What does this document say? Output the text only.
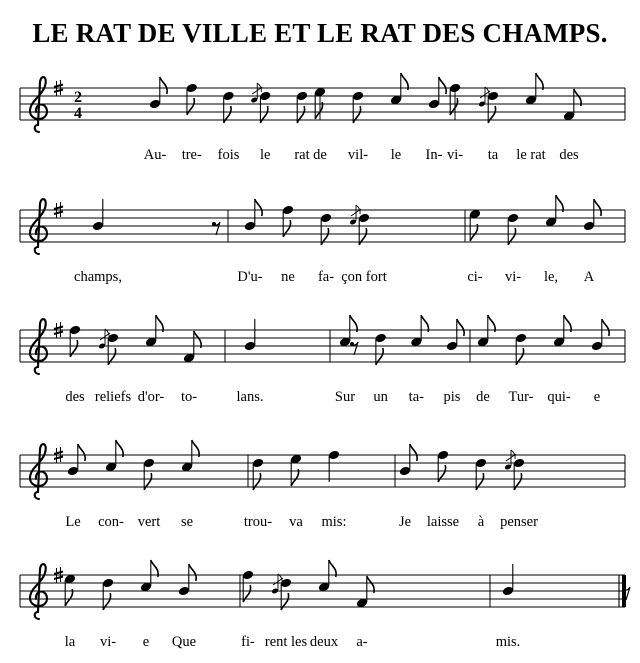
LE RAT DE VILLE ET LE RAT DES CHAMPS.
2
4
Au- tre- fois le rat de vil- le In- vi- ta le rat des
champs,	D'u- ne fa- çon fort	ci- vi- le, A
des reliefs d'or- to-	lans.	Sur un ta- pis de Tur- qui- e
Le con- vert se	trou- va mis:	Je laisse à penser
la vi- e Que	fi- rent les deux a-	mis.
